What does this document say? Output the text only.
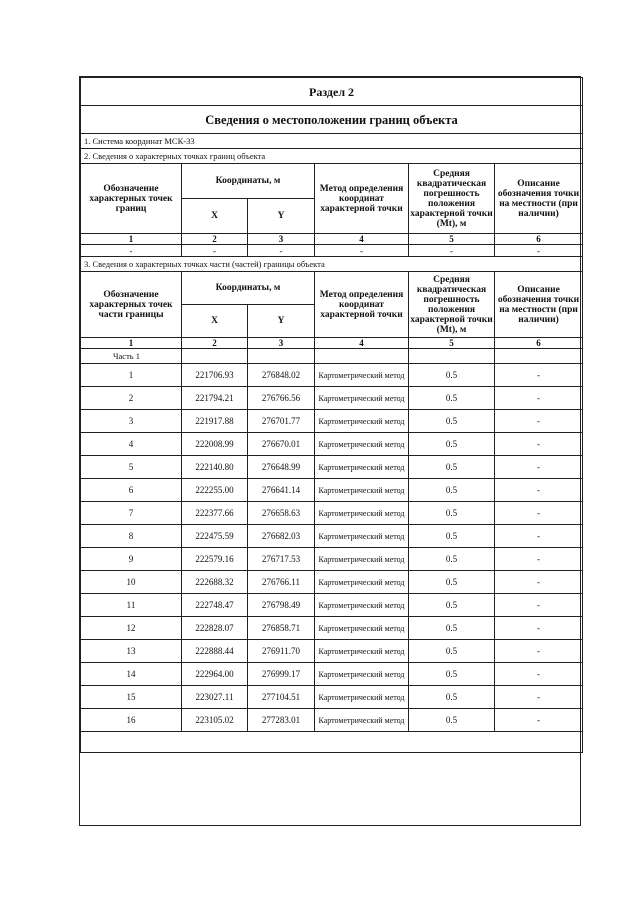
Раздел 2					
Сведения о местоположении границ объекта					
1. Система координат МСК-33					
2. Сведения о характерных точках границ объекта					
Обозначение характерных точек границ	Координаты, м		Метод определения координат характерной точки	Средняя квадратическая погрешность положения характерной точки (Mt), м	Описание обозначения точки на местности (при наличии)
	X	Y			
1	2	3	4	5	6
-	-	-	-	-	-
3. Сведения о характерных точках части (частей) границы объекта					
Обозначение характерных точек части границы	Координаты, м		Метод определения координат характерной точки	Средняя квадратическая погрешность положения характерной точки (Mt), м	Описание обозначения точки на местности (при наличии)
	X	Y			
1	2	3	4	5	6
Часть 1					
1	221706.93	276848.02	Картометрический метод	0.5	-
2	221794.21	276766.56	Картометрический метод	0.5	-
3	221917.88	276701.77	Картометрический метод	0.5	-
4	222008.99	276670.01	Картометрический метод	0.5	-
5	222140.80	276648.99	Картометрический метод	0.5	-
6	222255.00	276641.14	Картометрический метод	0.5	-
7	222377.66	276658.63	Картометрический метод	0.5	-
8	222475.59	276682.03	Картометрический метод	0.5	-
9	222579.16	276717.53	Картометрический метод	0.5	-
10	222688.32	276766.11	Картометрический метод	0.5	-
11	222748.47	276798.49	Картометрический метод	0.5	-
12	222828.07	276858.71	Картометрический метод	0.5	-
13	222888.44	276911.70	Картометрический метод	0.5	-
14	222964.00	276999.17	Картометрический метод	0.5	-
15	223027.11	277104.51	Картометрический метод	0.5	-
16	223105.02	277283.01	Картометрический метод	0.5	-
